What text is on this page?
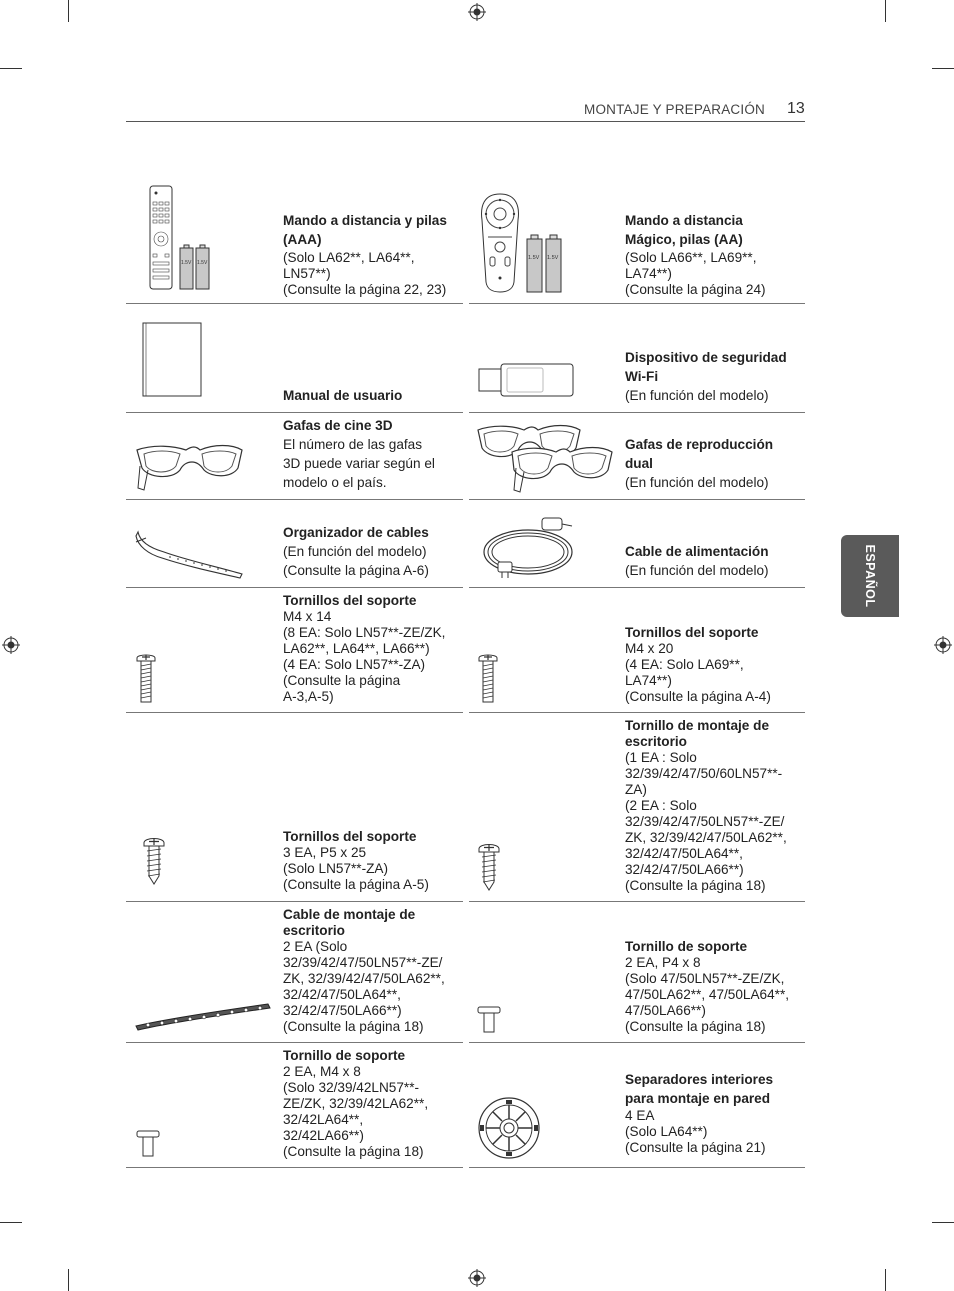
MONTAJE Y PREPARACIÓN 13
ESPAÑOL
1.5V 1.5V
Mando a distancia y pilas
(AAA)
(Solo LA62**, LA64**,
LN57**)
(Consulte la página 22, 23)
1.5V 1.5V
Mando a distancia
Mágico, pilas (AA)
(Solo LA66**, LA69**,
LA74**)
(Consulte la página 24)
Manual de usuario
Dispositivo de seguridad
Wi-Fi
(En función del modelo)
Gafas de cine 3D
El número de las gafas
3D puede variar según el
modelo o el país.
Gafas de reproducción
dual
(En función del modelo)
Organizador de cables
(En función del modelo)
(Consulte la página A-6)
Cable de alimentación
(En función del modelo)
Tornillos del soporte
M4 x 14
(8 EA: Solo LN57**-ZE/ZK,
LA62**, LA64**, LA66**)
(4 EA: Solo LN57**-ZA)
(Consulte la página
A-3,A-5)
Tornillos del soporte
M4 x 20
(4 EA: Solo LA69**,
LA74**)
(Consulte la página A-4)
Tornillos del soporte
3 EA, P5 x 25
(Solo LN57**-ZA)
(Consulte la página A-5)
Tornillo de montaje de
escritorio
(1 EA : Solo
32/39/42/47/50/60LN57**-
ZA)
(2 EA : Solo
32/39/42/47/50LN57**-ZE/
ZK, 32/39/42/47/50LA62**,
32/42/47/50LA64**,
32/42/47/50LA66**)
(Consulte la página 18)
Cable de montaje de
escritorio
2 EA (Solo
32/39/42/47/50LN57**-ZE/
ZK, 32/39/42/47/50LA62**,
32/42/47/50LA64**,
32/42/47/50LA66**)
(Consulte la página 18)
Tornillo de soporte
2 EA, P4 x 8
(Solo 47/50LN57**-ZE/ZK,
47/50LA62**, 47/50LA64**,
47/50LA66**)
(Consulte la página 18)
Tornillo de soporte
2 EA, M4 x 8
(Solo 32/39/42LN57**-
ZE/ZK, 32/39/42LA62**,
32/42LA64**,
32/42LA66**)
(Consulte la página 18)
Separadores interiores
para montaje en pared
4 EA
(Solo LA64**)
(Consulte la página 21)
